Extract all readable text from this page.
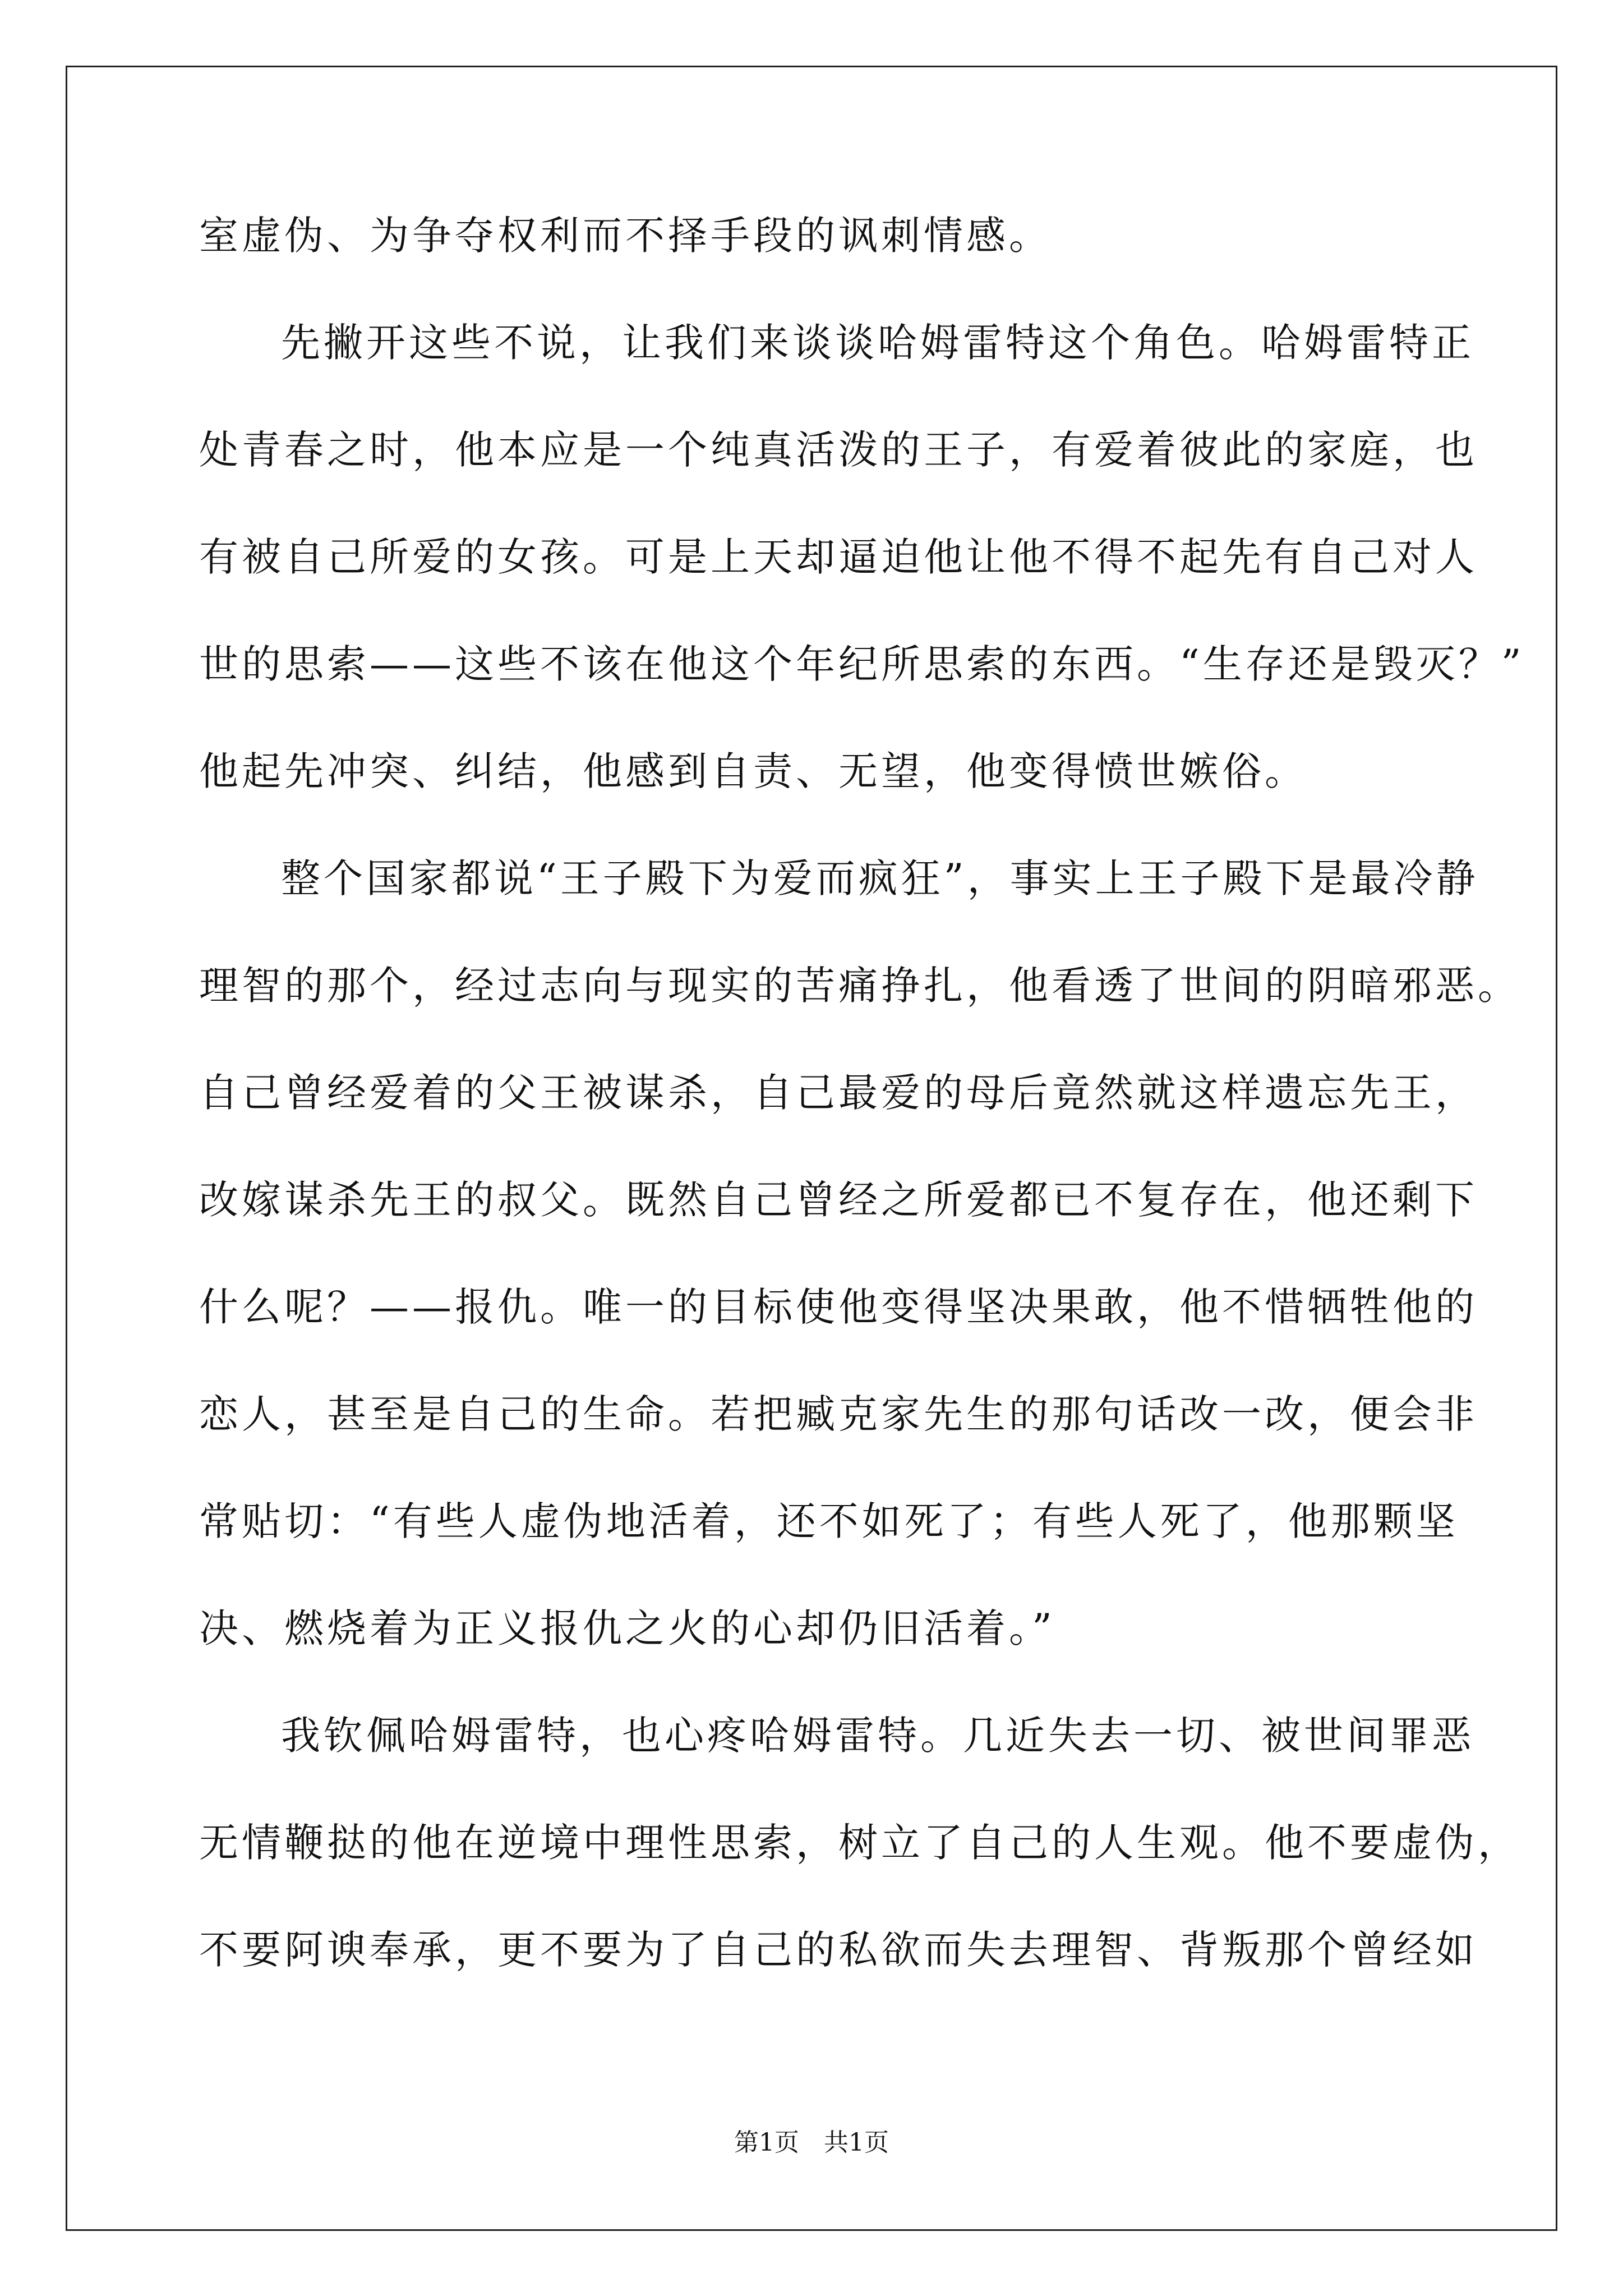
室虚伪、为争夺权利而不择手段的讽刺情感。
先撇开这些不说，让我们来谈谈哈姆雷特这个角色。哈姆雷特正
处青春之时，他本应是一个纯真活泼的王子，有爱着彼此的家庭，也
有被自己所爱的女孩。可是上天却逼迫他让他不得不起先有自己对人
世的思索——这些不该在他这个年纪所思索的东西。“生存还是毁灭？”
他起先冲突、纠结，他感到自责、无望，他变得愤世嫉俗。
整个国家都说“王子殿下为爱而疯狂”，事实上王子殿下是最冷静
理智的那个，经过志向与现实的苦痛挣扎，他看透了世间的阴暗邪恶。
自己曾经爱着的父王被谋杀，自己最爱的母后竟然就这样遗忘先王，
改嫁谋杀先王的叔父。既然自己曾经之所爱都已不复存在，他还剩下
什么呢？——报仇。唯一的目标使他变得坚决果敢，他不惜牺牲他的
恋人，甚至是自己的生命。若把臧克家先生的那句话改一改，便会非
常贴切：“有些人虚伪地活着，还不如死了；有些人死了，他那颗坚
决、燃烧着为正义报仇之火的心却仍旧活着。”
我钦佩哈姆雷特，也心疼哈姆雷特。几近失去一切、被世间罪恶
无情鞭挞的他在逆境中理性思索，树立了自己的人生观。他不要虚伪，
不要阿谀奉承，更不要为了自己的私欲而失去理智、背叛那个曾经如
第1页　共1页
